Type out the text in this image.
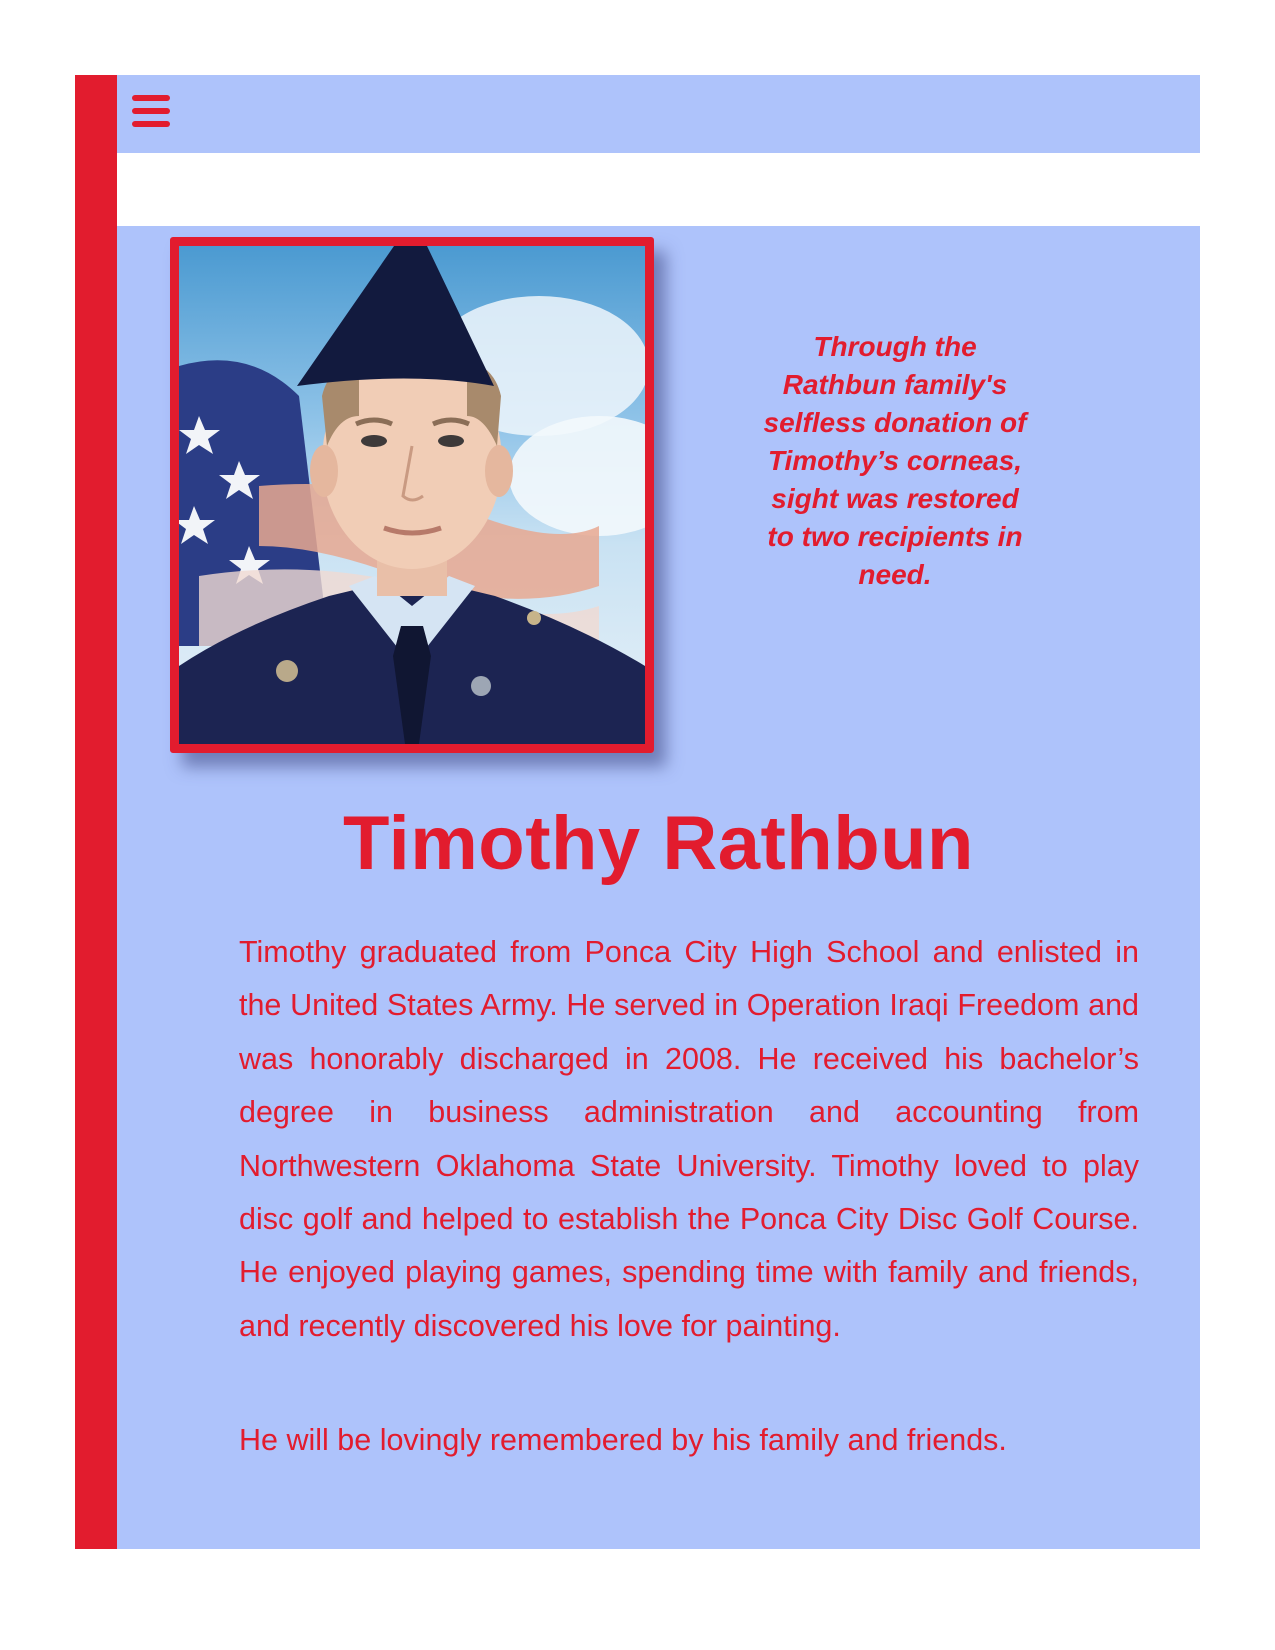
Through the Rathbun family's selfless donation of Timothy’s corneas, sight was restored to two recipients in need.
Timothy Rathbun

Timothy graduated from Ponca City High School and enlisted in the United States Army. He served in Operation Iraqi Freedom and was honorably discharged in 2008. He received his bachelor’s degree in business administration and accounting from Northwestern Oklahoma State University. Timothy loved to play disc golf and helped to establish the Ponca City Disc Golf Course. He enjoyed playing games, spending time with family and friends, and recently discovered his love for painting.

He will be lovingly remembered by his family and friends.
